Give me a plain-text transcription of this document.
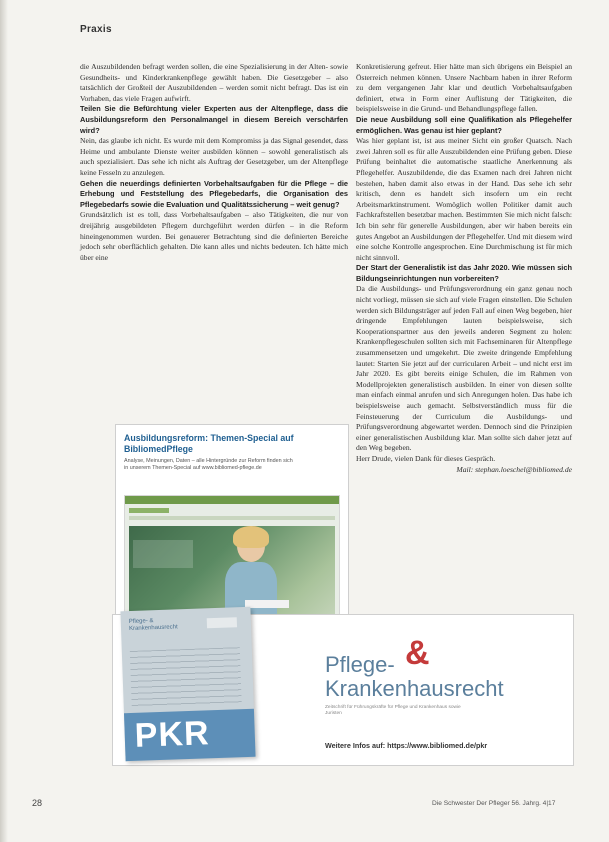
Praxis

die Auszubildenden befragt werden sollen, die eine Spezialisierung in der Alten- sowie Gesundheits- und Kinderkrankenpflege gewählt haben. Die Gesetzgeber – also tatsächlich der Großteil der Auszubildenden – werden somit nicht befragt. Das ist ein Vorhaben, das viele Fragen aufwirft.

Teilen Sie die Befürchtung vieler Experten aus der Altenpflege, dass die Ausbildungsreform den Personalmangel in diesem Bereich verschärfen wird?

Nein, das glaube ich nicht. Es wurde mit dem Kompromiss ja das Signal gesendet, dass Heime und ambulante Dienste weiter ausbilden können – sowohl generalistisch als auch spezialisiert. Das sehe ich nicht als Auftrag der Gesetzgeber, um der Altenpflege keine Fesseln zu anzulegen.

Gehen die neuerdings definierten Vorbehaltsaufgaben für die Pflege – die Erhebung und Feststellung des Pflegebedarfs, die Organisation des Pflegebedarfs sowie die Evaluation und Qualitätssicherung – weit genug?

Grundsätzlich ist es toll, dass Vorbehaltsaufgaben – also Tätigkeiten, die nur von dreijährig ausgebildeten Pflegern durchgeführt werden dürfen – in die Reform hineingenommen wurden. Bei genauerer Betrachtung sind die definierten Bereiche jedoch sehr oberflächlich gehalten. Die kann alles und nichts bedeuten. Ich hätte mich über eine

Konkretisierung gefreut. Hier hätte man sich übrigens ein Beispiel an Österreich nehmen können. Unsere Nachbarn haben in ihrer Reform zu dem vergangenen Jahr klar und deutlich Vorbehaltsaufgaben definiert, etwa in Form einer Auflistung der Tätigkeiten, die beispielsweise in die Grund- und Behandlungspflege fallen.

Die neue Ausbildung soll eine Qualifikation als Pflegehelfer ermöglichen. Was genau ist hier geplant?

Was hier geplant ist, ist aus meiner Sicht ein großer Quatsch. Nach zwei Jahren soll es für alle Auszubildenden eine Prüfung geben. Diese Prüfung beinhaltet die automatische staatliche Anerkennung als Pflegehelfer. Auszubildende, die das Examen nach drei Jahren nicht bestehen, haben damit also etwas in der Hand. Das sehe ich sehr kritisch, denn es handelt sich insofern um ein recht Arbeitsmarktinstrument. Womöglich wollen Politiker damit auch Fachkraftstellen besetzbar machen. Bestimmten Sie mich nicht falsch: Ich bin sehr für generelle Ausbildungen, aber wir haben bereits ein gutes Angebot an Ausbildungen der Pflegehelfer. Und mit diesem wird eine solche Kontrolle angesprochen. Eine Durchmischung ist für mich nicht sinnvoll.

Der Start der Generalistik ist das Jahr 2020. Wie müssen sich Bildungseinrichtungen nun vorbereiten?

Da die Ausbildungs- und Prüfungsverordnung ein ganz genau noch nicht vorliegt, müssen sie sich auf viele Fragen einstellen. Die Schulen werden sich Bildungsträger auf jeden Fall auf einen Weg begeben, hier dringende Empfehlungen lauten beispielsweise, sich Kooperationspartner aus den jeweils anderen Segment zu holen: Krankenpflegeschulen sollten sich mit Fachseminaren für Altenpflege zusammensetzen und umgekehrt. Die zweite dringende Empfehlung lautet: Starten Sie jetzt auf der curricularen Arbeit – und nicht erst im Jahr 2020. Es gibt bereits einige Schulen, die im Rahmen von Modellprojekten generalistisch ausbilden. In einer von diesen sollte man einfach einmal anrufen und sich Anregungen holen. Das habe ich beispielsweise auch gemacht. Selbstverständlich muss für die Feinsteuerung der Curriculum die Ausbildungs- und Prüfungsverordnung abgewartet werden. Dennoch sind die Prinzipien einer generalistischen Ausbildung klar. Man sollte sich daher jetzt auf den Weg begeben.

Herr Drude, vielen Dank für dieses Gespräch.

Mail: stephan.loeschel@bibliomed.de

Ausbildungsreform: Themen-Special auf BibliomedPflege
Analyse, Meinungen, Daten – alle Hintergründe zur Reform finden sich in unserem Themen-Special auf www.bibliomed-pflege.de
Pflege- & Krankenhausrecht
PKR
Pflege- &
Krankenhausrecht
Zeitschrift für Führungskräfte für Pflege und Krankenhaus sowie Juristen
Weitere Infos auf: https://www.bibliomed.de/pkr
28	Die Schwester Der Pfleger 56. Jahrg. 4|17
